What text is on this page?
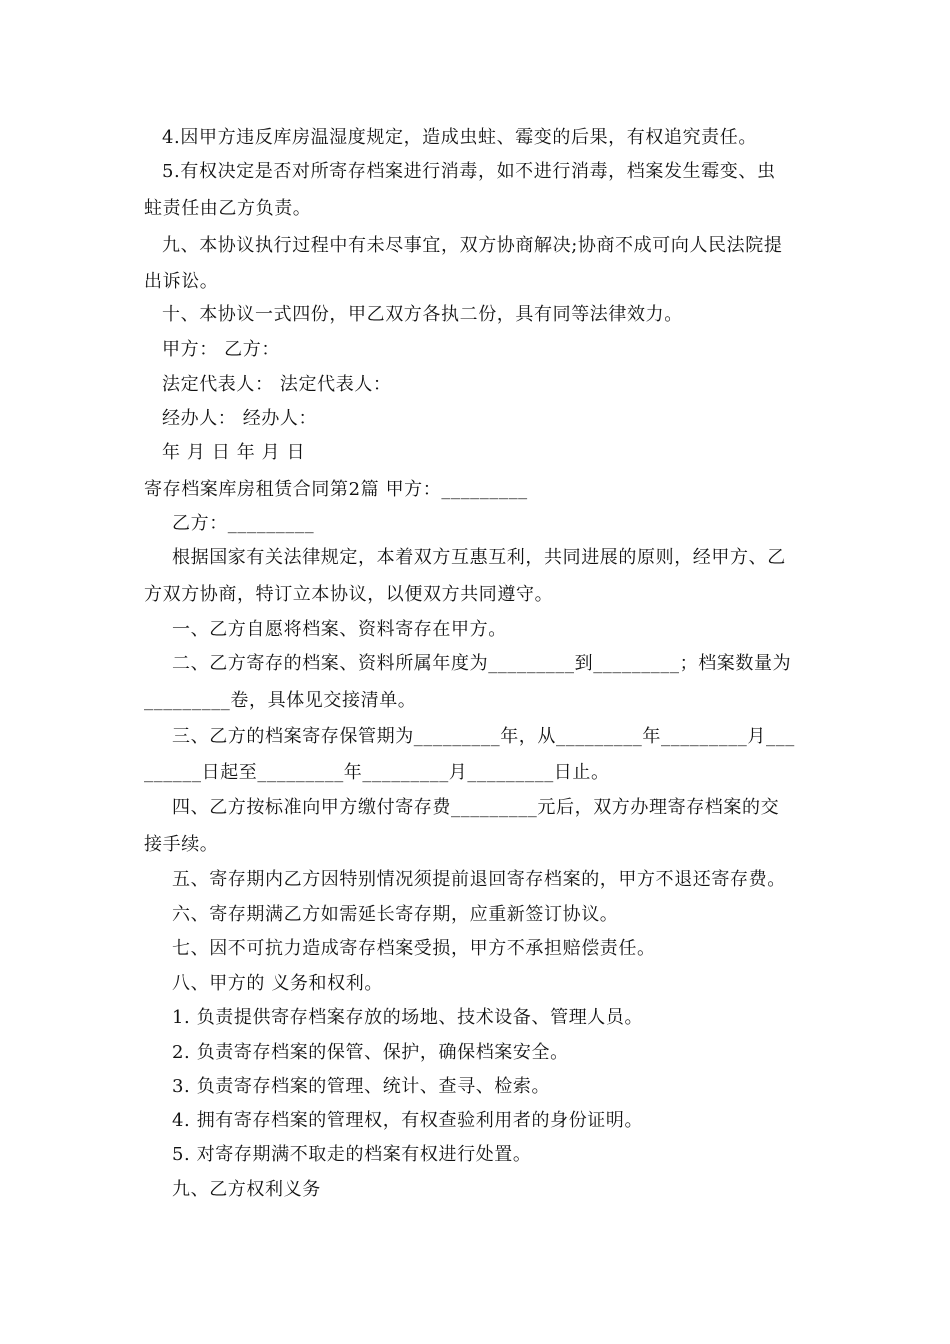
4.因甲方违反库房温湿度规定，造成虫蛀、霉变的后果，有权追究责任。
5.有权决定是否对所寄存档案进行消毒，如不进行消毒，档案发生霉变、虫
蛀责任由乙方负责。
九、本协议执行过程中有未尽事宜，双方协商解决;协商不成可向人民法院提
出诉讼。
十、本协议一式四份，甲乙双方各执二份，具有同等法律效力。
甲方： 乙方：
法定代表人： 法定代表人：
经办人： 经办人：
年 月 日 年 月 日
寄存档案库房租赁合同第2篇 甲方：_________
乙方：_________
根据国家有关法律规定，本着双方互惠互利，共同进展的原则，经甲方、乙
方双方协商，特订立本协议，以便双方共同遵守。
一、乙方自愿将档案、资料寄存在甲方。
二、乙方寄存的档案、资料所属年度为_________到_________；档案数量为
_________卷，具体见交接清单。
三、乙方的档案寄存保管期为_________年，从_________年_________月___
______日起至_________年_________月_________日止。
四、乙方按标准向甲方缴付寄存费_________元后，双方办理寄存档案的交
接手续。
五、寄存期内乙方因特别情况须提前退回寄存档案的，甲方不退还寄存费。
六、寄存期满乙方如需延长寄存期，应重新签订协议。
七、因不可抗力造成寄存档案受损，甲方不承担赔偿责任。
八、甲方的 义务和权利。
1. 负责提供寄存档案存放的场地、技术设备、管理人员。
2. 负责寄存档案的保管、保护，确保档案安全。
3. 负责寄存档案的管理、统计、查寻、检索。
4. 拥有寄存档案的管理权，有权查验利用者的身份证明。
5. 对寄存期满不取走的档案有权进行处置。
九、乙方权利义务
